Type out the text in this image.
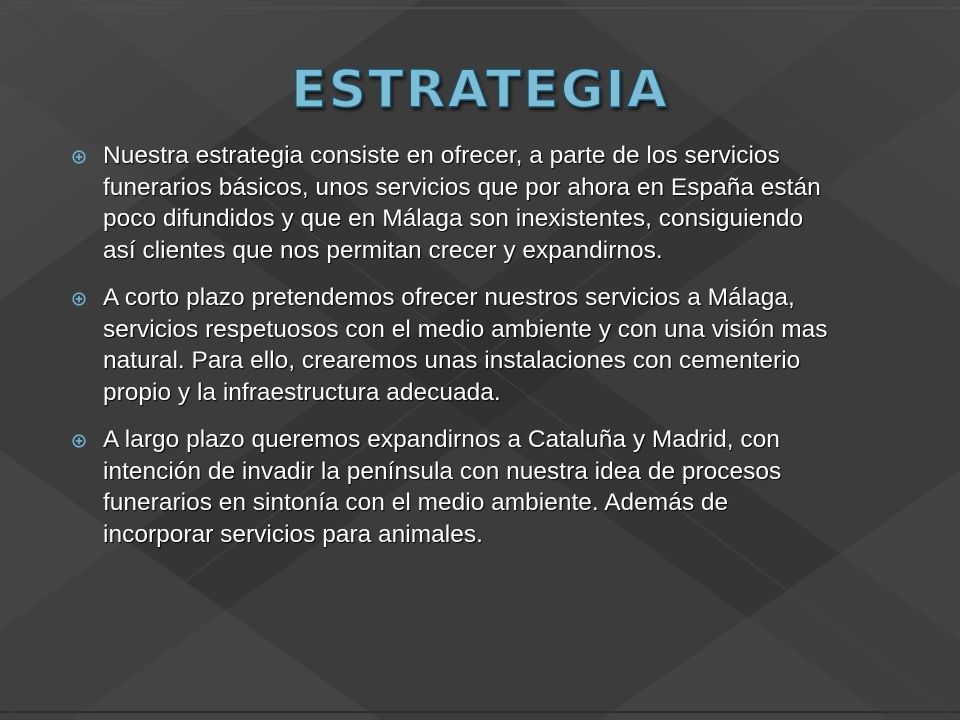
ESTRATEGIA
Nuestra estrategia consiste en ofrecer, a parte de los servicios funerarios básicos, unos servicios que por ahora en España están poco difundidos y que en Málaga son inexistentes, consiguiendo así clientes que nos permitan crecer y expandirnos.
A corto plazo pretendemos ofrecer nuestros servicios a Málaga, servicios respetuosos con el medio ambiente y con una visión mas natural. Para ello, crearemos unas instalaciones con cementerio propio y la infraestructura adecuada.
A largo plazo queremos expandirnos a Cataluña y Madrid, con intención de invadir la península con nuestra idea de procesos funerarios en sintonía con el medio ambiente. Además de incorporar servicios para animales.
